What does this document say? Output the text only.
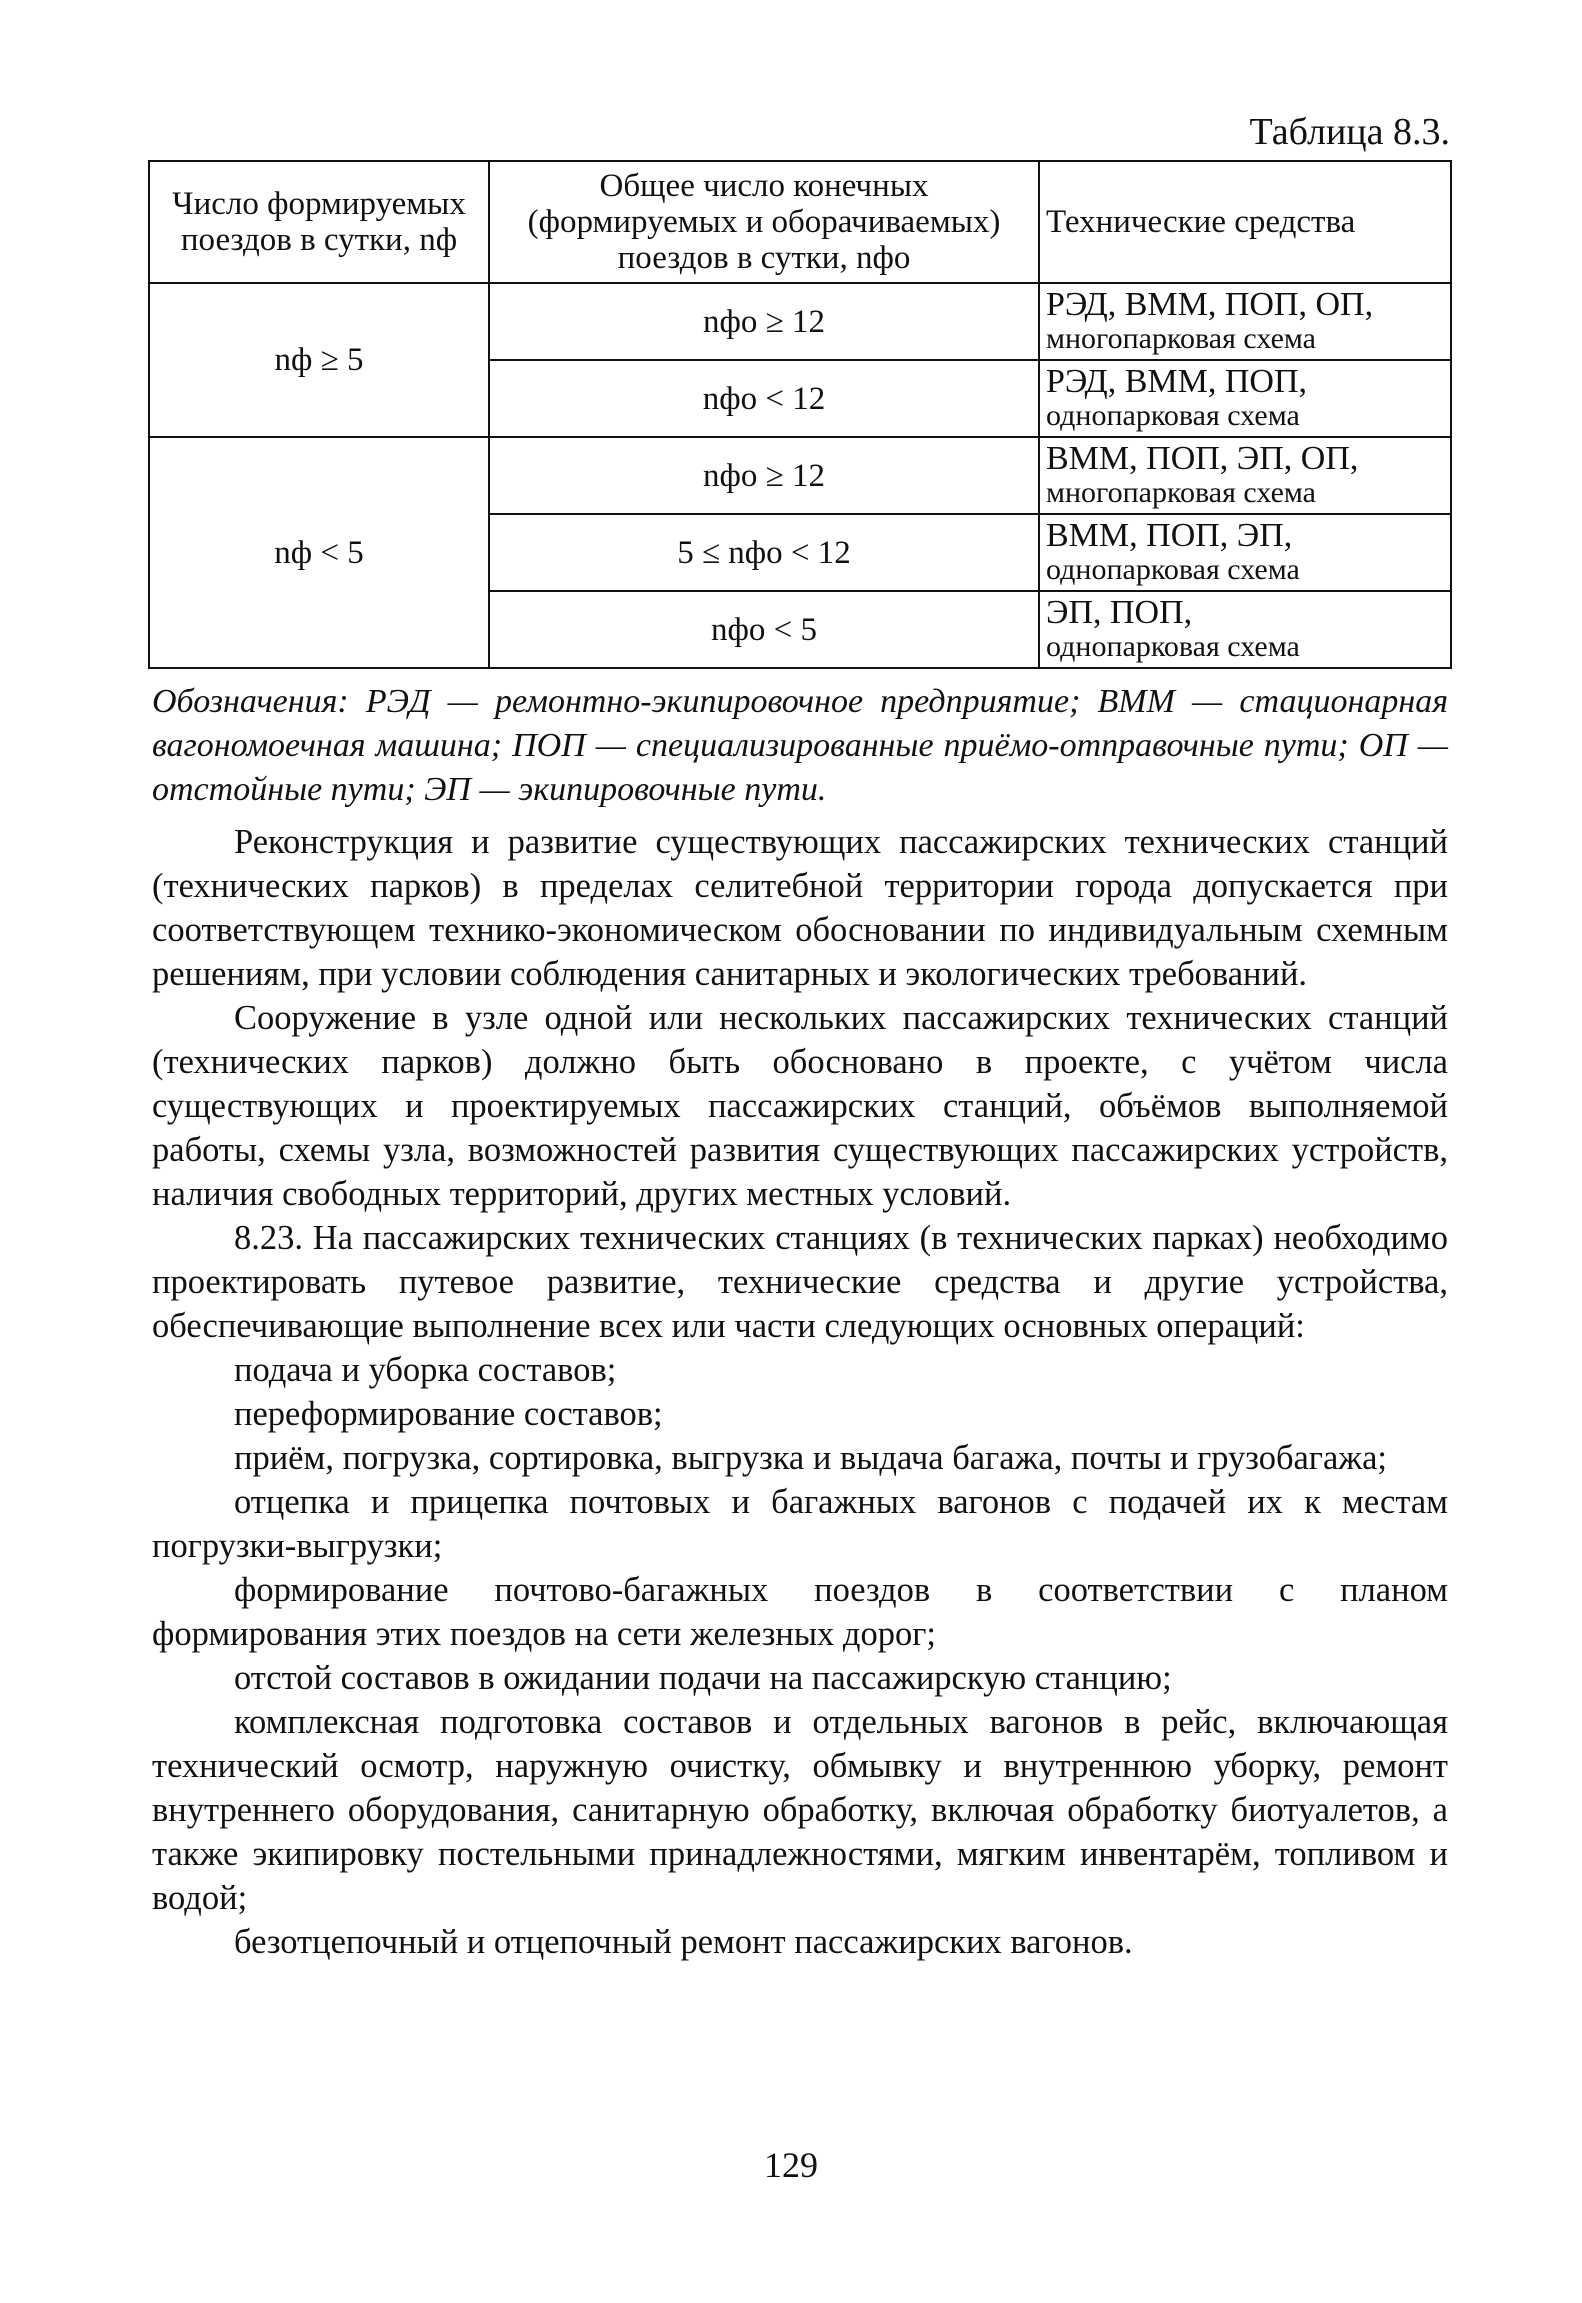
Таблица 8.3.
Число формируемых поездов в сутки, nф	Общее число конечных (формируемых и оборачиваемых) поездов в сутки, nфо	Технические средства
nф ≥ 5	nфо ≥ 12	РЭД, ВММ, ПОП, ОП,
многопарковая схема

	nфо < 12	РЭД, ВММ, ПОП,
однопарковая схема

nф < 5	nфо ≥ 12	ВММ, ПОП, ЭП, ОП,
многопарковая схема

	5 ≤ nфо < 12	ВММ, ПОП, ЭП,
однопарковая схема

	nфо < 5	ЭП, ПОП,
однопарковая схема
Обозначения: РЭД — ремонтно-экипировочное предприятие; ВММ — стационарная вагономоечная машина; ПОП — специализированные приёмо-отправочные пути; ОП — отстойные пути; ЭП — экипировочные пути.

Реконструкция и развитие существующих пассажирских технических станций (технических парков) в пределах селитебной территории города допускается при соответствующем технико-экономическом обосновании по индивидуальным схемным решениям, при условии соблюдения санитарных и экологических требований.

Сооружение в узле одной или нескольких пассажирских технических станций (технических парков) должно быть обосновано в проекте, с учётом числа существующих и проектируемых пассажирских станций, объёмов выполняемой работы, схемы узла, возможностей развития существующих пассажирских устройств, наличия свободных территорий, других местных условий.

8.23. На пассажирских технических станциях (в технических парках) необходимо проектировать путевое развитие, технические средства и другие устройства, обеспечивающие выполнение всех или части следующих основных операций:

подача и уборка составов;

переформирование составов;

приём, погрузка, сортировка, выгрузка и выдача багажа, почты и грузобагажа;

отцепка и прицепка почтовых и багажных вагонов с подачей их к местам погрузки-выгрузки;

формирование почтово-багажных поездов в соответствии с планом формирования этих поездов на сети железных дорог;

отстой составов в ожидании подачи на пассажирскую станцию;

комплексная подготовка составов и отдельных вагонов в рейс, включающая технический осмотр, наружную очистку, обмывку и внутреннюю уборку, ремонт внутреннего оборудования, санитарную обработку, включая обработку биотуалетов, а также экипировку постельными принадлежностями, мягким инвентарём, топливом и водой;

безотцепочный и отцепочный ремонт пассажирских вагонов.

129
